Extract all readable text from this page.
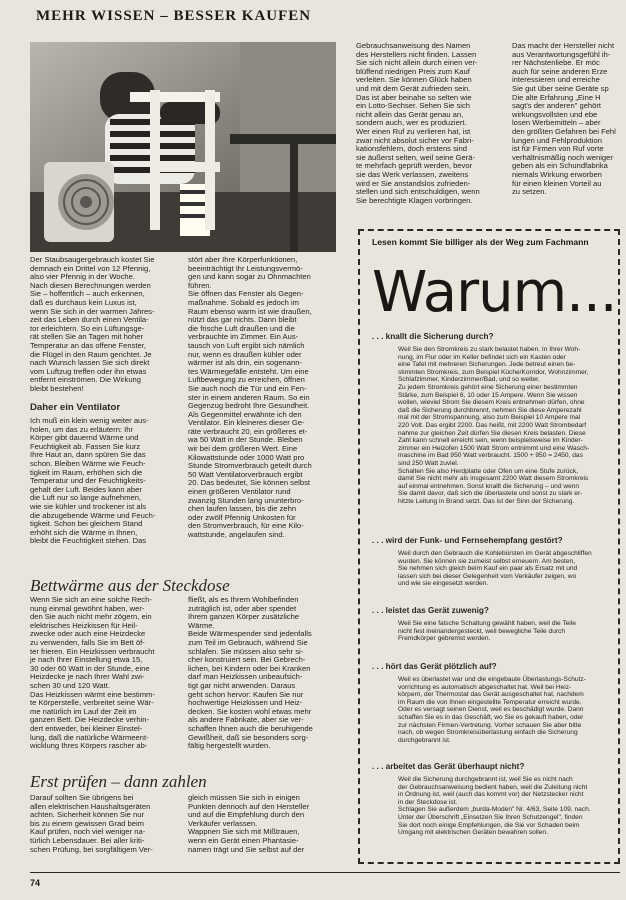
MEHR WISSEN – BESSER KAUFEN
Gebrauchsanweisung des Namen
des Herstellers nicht finden. Lassen
Sie sich nicht allein durch einen ver-
blüffend niedrigen Preis zum Kauf
verleiten. Sie können Glück haben
und mit dem Gerät zufrieden sein.
Das ist aber beinahe so selten wie
ein Lotto-Sechser. Sehen Sie sich
nicht allein das Gerät genau an,
sondern auch, wer es produziert.
Wer einen Ruf zu verlieren hat, ist
zwar nicht absolut sicher vor Fabri-
kationsfehlern, doch erstens sind
sie äußerst selten, weil seine Gerä-
te mehrfach geprüft werden, bevor
sie das Werk verlassen, zweitens
wird er Sie anstandslos zufrieden-
stellen und sich entschuldigen, wenn
Sie berechtigte Klagen vorbringen.
Das macht der Hersteller nicht
aus Verantwortungsgefühl ih-
rer Nächstenliebe. Er möc
auch für seine anderen Erze
interessieren und erreiche
Sie gut über seine Geräte sp
Die alte Erfahrung „Eine H
sagt's der anderen" gehört
wirkungsvollsten und ebe
losen Werbemitteln – aber
den größten Gefahren bei Fehl
lungen und Fehlproduktion
ist für Firmen von Ruf vorte
verhältnismäßig noch weniger
geben als ein Schundfabrika
niemals Wirkung erworben
für einen kleinen Vorteil au
zu setzen.
Der Staubsaugergebrauch kostet Sie
demnach ein Drittel von 12 Pfennig,
also vier Pfennig in der Woche.
Nach diesen Berechnungen werden
Sie – hoffentlich – auch erkennen,
daß es durchaus kein Luxus ist,
wenn Sie sich in der warmen Jahres-
zeit das Leben durch einen Ventila-
tor erleichtern. So ein Lüftungsge-
rät stellen Sie an Tagen mit hoher
Temperatur an das offene Fenster,
die Flügel in den Raum gerichtet. Je
nach Wunsch lassen Sie sich direkt
vom Luftzug treffen oder ihn etwas
entfernt einströmen. Die Wirkung
bleibt bestehen!
Daher ein Ventilator
Ich muß ein klein wenig weiter aus-
holen, um das zu erläutern: Ihr
Körper gibt dauernd Wärme und
Feuchtigkeit ab. Fassen Sie kurz
Ihre Haut an, dann spüren Sie das
schon. Bleiben Wärme wie Feuch-
tigkeit im Raum, erhöhen sich die
Temperatur und der Feuchtigkeits-
gehalt der Luft. Beides kann aber
die Luft nur so lange aufnehmen,
wie sie kühler und trockener ist als
die abzugebende Wärme und Feuch-
tigkeit. Schon bei gleichem Stand
erhöht sich die Wärme in Ihnen,
bleibt die Feuchtigkeit stehen. Das
stört aber Ihre Körperfunktionen,
beeinträchtigt Ihr Leistungsvermö-
gen und kann sogar zu Ohnmachten
führen.
Sie öffnen das Fenster als Gegen-
maßnahme. Sobald es jedoch im
Raum ebenso warm ist wie draußen,
nützt das gar nichts. Dann bleibt
die frische Luft draußen und die
verbrauchte im Zimmer. Ein Aus-
tausch von Luft ergibt sich nämlich
nur, wenn es draußen kühler oder
wärmer ist als drin, ein sogenann-
tes Wärmegefälle entsteht. Um eine
Luftbewegung zu erreichen, öffnen
Sie auch noch die Tür und ein Fen-
ster in einem anderen Raum. So ein
Gegenzug bedroht Ihre Gesundheit.
Als Gegenmittel erwähnte ich den
Ventilator. Ein kleineres dieser Ge-
räte verbraucht 20, ein größeres et-
wa 50 Watt in der Stunde. Bleiben
wir bei dem größeren Wert. Eine
Kilowattstunde oder 1000 Watt pro
Stunde Stromverbrauch geteilt durch
50 Watt Ventilatorverbrauch ergibt
20. Das bedeutet, Sie können selbst
einen größeren Ventilator rund
zwanzig Stunden lang ununterbro-
chen laufen lassen, bis die zehn
oder zwölf Pfennig Unkosten für
den Stromverbrauch, für eine Kilo-
wattstunde, angelaufen sind.
Bettwärme aus der Steckdose
Wenn Sie sich an eine solche Rech-
nung einmal gewöhnt haben, wer-
den Sie auch nicht mehr zögern, ein
elektrisches Heizkissen für Heil-
zwecke oder auch eine Heizdecke
zu verwenden, falls Sie im Bett öf-
ter frieren. Ein Heizkissen verbraucht
je nach Ihrer Einstellung etwa 15,
30 oder 60 Watt in der Stunde, eine
Heizdecke je nach Ihrer Wahl zwi-
schen 30 und 120 Watt.
Das Heizkissen wärmt eine bestimm-
te Körperstelle, verbreitet seine Wär-
me natürlich im Lauf der Zeit im
ganzen Bett. Die Heizdecke verhin-
dert entweder, bei kleiner Einstel-
lung, daß die natürliche Wärmeent-
wicklung Ihres Körpers rascher ab-
fließt, als es Ihrem Wohlbefinden
zuträglich ist, oder aber spendet
Ihrem ganzen Körper zusätzliche
Wärme.
Beide Wärmespender sind jedenfalls
zum Teil im Gebrauch, während Sie
schlafen. Sie müssen also sehr si-
cher konstruiert sein. Bei Gebrech-
lichen, bei Kindern oder bei Kranken
darf man Heizkissen unbeaufsich-
tigt gar nicht anwenden. Daraus
geht schon hervor: Kaufen Sie nur
hochwertige Heizkissen und Heiz-
decken. Sie kosten wohl etwas mehr
als andere Fabrikate, aber sie ver-
schaffen Ihnen auch die beruhigende
Gewißheit, daß sie besonders sorg-
fältig hergestellt wurden.
Erst prüfen – dann zahlen
Darauf sollten Sie übrigens bei
allen elektrischen Haushaltsgeräten
achten. Sicherheit können Sie nur
bis zu einem gewissen Grad beim
Kauf prüfen, noch viel weniger na-
türlich Lebensdauer. Bei aller kriti-
schen Prüfung, bei sorgfältigem Ver-
gleich müssen Sie sich in einigen
Punkten dennoch auf den Hersteller
und auf die Empfehlung durch den
Verkäufer verlassen.
Wappnen Sie sich mit Mißtrauen,
wenn ein Gerät einen Phantasie-
namen trägt und Sie selbst auf der
Lesen kommt Sie billiger als der Weg zum Fachmann
Warum...
. . . knallt die Sicherung durch?
Weil Sie den Stromkreis zu stark belastet haben. In Ihrer Woh-
nung, im Flur oder im Keller befindet sich ein Kasten oder
eine Tafel mit mehreren Sicherungen. Jede betreut einen be-
stimmten Stromkreis, zum Beispiel Küche/Korridor, Wohnzimmer,
Schlafzimmer, Kinderzimmer/Bad, und so weiter.
Zu jedem Stromkreis gehört eine Sicherung einer bestimmten
Stärke, zum Beispiel 6, 10 oder 15 Ampere. Wenn Sie wissen
wollen, wieviel Strom Sie diesem Kreis entnehmen dürfen, ohne
daß die Sicherung durchbrennt, nehmen Sie diese Amperezahl
mal mit der Stromspannung, also zum Beispiel 10 Ampere mal
220 Volt. Das ergibt 2200. Das heißt, mit 2200 Watt Strombedarf
nahme zur gleichen Zeit dürfen Sie diesen Kreis belasten. Diese
Zahl kann schnell erreicht sein, wenn beispielsweise im Kinder-
zimmer ein Heizofen 1500 Watt Strom entnimmt und eine Wasch-
maschine im Bad 950 Watt verbraucht. 1500 + 950 = 2450, das
sind 250 Watt zuviel.
Schalten Sie also Herdplatte oder Ofen um eine Stufe zurück,
damit Sie nicht mehr als insgesamt 2200 Watt diesem Stromkreis
auf einmal entnehmen. Sonst knallt die Sicherung – und wenn
Sie damit davor, daß sich die überlastete und sonst zu stark er-
hitzte Leitung in Brand setzt. Das ist der Sinn der Sicherung.
. . . wird der Funk- und Fernsehempfang gestört?
Weil durch den Gebrauch die Kohlebürsten im Gerät abgeschliffen
wurden. Sie können sie zumeist selbst erneuern. Am besten,
Sie nehmen sich gleich beim Kauf ein paar als Ersatz mit und
lassen sich bei dieser Gelegenheit vom Verkäufer zeigen, wo
und wie sie eingesetzt werden.
. . . leistet das Gerät zuwenig?
Weil Sie eine falsche Schaltung gewählt haben, weil die Teile
nicht fest ineinandergesteckt, weil bewegliche Teile durch
Fremdkörper gebremst werden.
. . . hört das Gerät plötzlich auf?
Weil es überlastet war und die eingebaute Überlastungs-Schutz-
vorrichtung es automatisch abgeschaltet hat. Weil bei Heiz-
körpern, der Thermostat das Gerät ausgeschaltet hat, nachdem
im Raum die von Ihnen eingestellte Temperatur erreicht wurde.
Oder es versagt seinen Dienst, weil es beschädigt wurde. Dann
schaffen Sie es in das Geschäft, wo Sie es gekauft haben, oder
zur nächsten Firmen-Vertretung. Vorher schauen Sie aber bitte
nach, ob wegen Stromkreisüberlastung einfach die Sicherung
durchgebrannt ist.
. . . arbeitet das Gerät überhaupt nicht?
Weil die Sicherung durchgebrannt ist, weil Sie es nicht nach
der Gebrauchsanweisung bedient haben, weil die Zuleitung nicht
in Ordnung ist, weil (auch das kommt vor) der Netzstecker nicht
in der Steckdose ist.
Schlagen Sie außerdem „burda-Moden" Nr. 4/63, Seite 109, nach.
Unter der Überschrift „Einsetzen Sie Ihren Schutzengel", finden
Sie dort noch einige Empfehlungen, die Sie vor Schaden beim
Umgang mit elektrischen Geräten bewahren sollen.
74
